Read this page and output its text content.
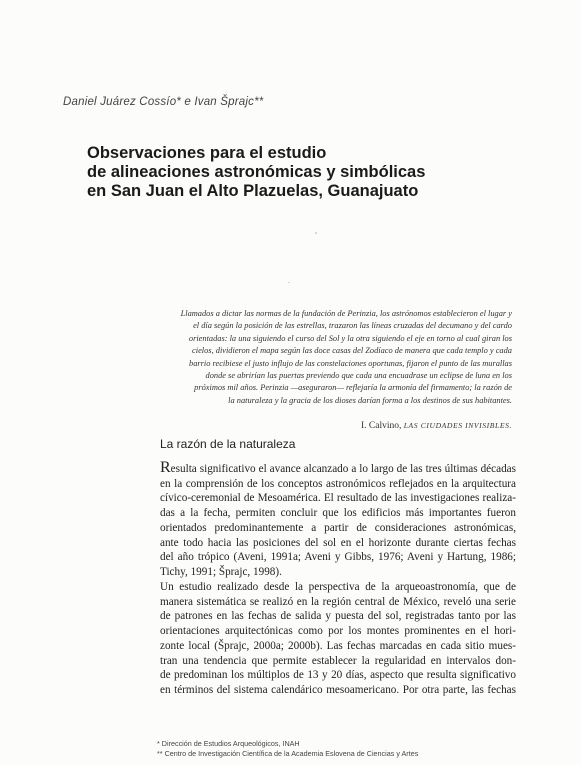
Daniel Juárez Cossío* e Ivan Šprajc**
Observaciones para el estudio
de alineaciones astronómicas y simbólicas
en San Juan el Alto Plazuelas, Guanajuato
Llamados a dictar las normas de la fundación de Perinzia, los astrónomos establecieron el lugar y
el día según la posición de las estrellas, trazaron las líneas cruzadas del decumano y del cardo
orientadas: la una siguiendo el curso del Sol y la otra siguiendo el eje en torno al cual giran los
cielos, dividieron el mapa según las doce casas del Zodíaco de manera que cada templo y cada
barrio recibiese el justo influjo de las constelaciones oportunas, fijaron el punto de las murallas
donde se abrirían las puertas previendo que cada una encuadrase un eclipse de luna en los
próximos mil años. Perinzia —aseguraron— reflejaría la armonía del firmamento; la razón de
la naturaleza y la gracia de los dioses darían forma a los destinos de sus habitantes.
I. Calvino, LAS CIUDADES INVISIBLES.
La razón de la naturaleza
Resulta significativo el avance alcanzado a lo largo de las tres últimas décadas
en la comprensión de los conceptos astronómicos reflejados en la arquitectura
cívico-ceremonial de Mesoamérica. El resultado de las investigaciones realiza-
das a la fecha, permiten concluir que los edificios más importantes fueron
orientados predominantemente a partir de consideraciones astronómicas,
ante todo hacia las posiciones del sol en el horizonte durante ciertas fechas
del año trópico (Aveni, 1991a; Aveni y Gibbs, 1976; Aveni y Hartung, 1986;
Tichy, 1991; Šprajc, 1998).
Un estudio realizado desde la perspectiva de la arqueoastronomía, que de
manera sistemática se realizó en la región central de México, reveló una serie
de patrones en las fechas de salida y puesta del sol, registradas tanto por las
orientaciones arquitectónicas como por los montes prominentes en el hori-
zonte local (Šprajc, 2000a; 2000b). Las fechas marcadas en cada sitio mues-
tran una tendencia que permite establecer la regularidad en intervalos don-
de predominan los múltiplos de 13 y 20 días, aspecto que resulta significativo
en términos del sistema calendárico mesoamericano. Por otra parte, las fechas
* Dirección de Estudios Arqueológicos, INAH
** Centro de Investigación Científica de la Academia Eslovena de Ciencias y Artes
